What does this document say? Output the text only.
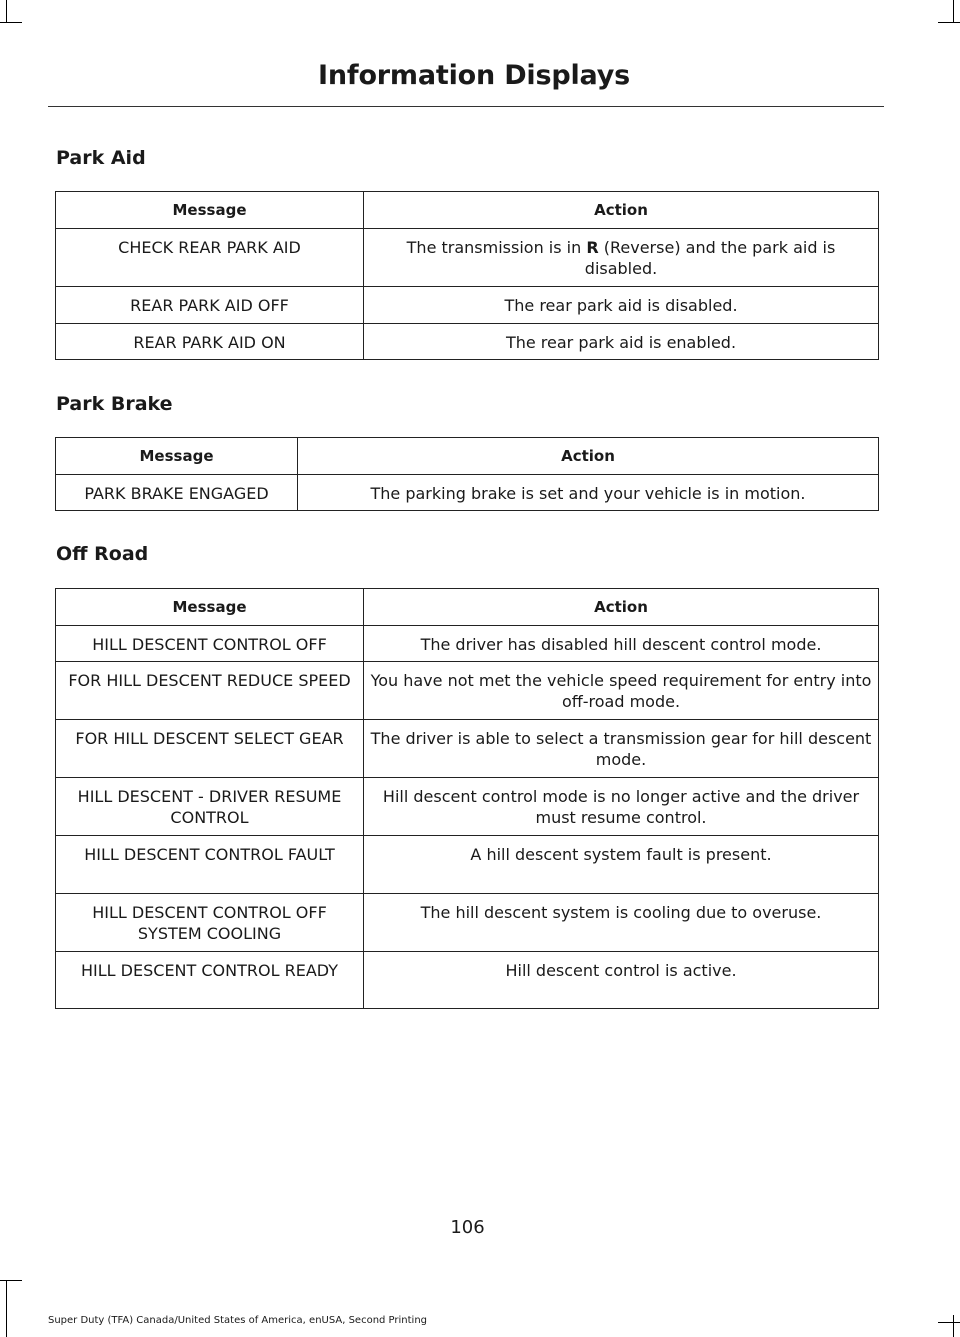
Information Displays
Park Aid
Message	Action
CHECK REAR PARK AID	The transmission is in R (Reverse) and the park aid is disabled.
REAR PARK AID OFF	The rear park aid is disabled.
REAR PARK AID ON	The rear park aid is enabled.
Park Brake
Message	Action
PARK BRAKE ENGAGED	The parking brake is set and your vehicle is in motion.
Off Road
Message	Action
HILL DESCENT CONTROL OFF	The driver has disabled hill descent control mode.
FOR HILL DESCENT REDUCE SPEED	You have not met the vehicle speed requirement for entry into off-road mode.
FOR HILL DESCENT SELECT GEAR	The driver is able to select a transmission gear for hill descent mode.
HILL DESCENT - DRIVER RESUME CONTROL	Hill descent control mode is no longer active and the driver must resume control.
HILL DESCENT CONTROL FAULT	A hill descent system fault is present.
HILL DESCENT CONTROL OFF SYSTEM COOLING	The hill descent system is cooling due to overuse.
HILL DESCENT CONTROL READY	Hill descent control is active.

106

Super Duty (TFA) Canada/United States of America, enUSA, Second Printing
